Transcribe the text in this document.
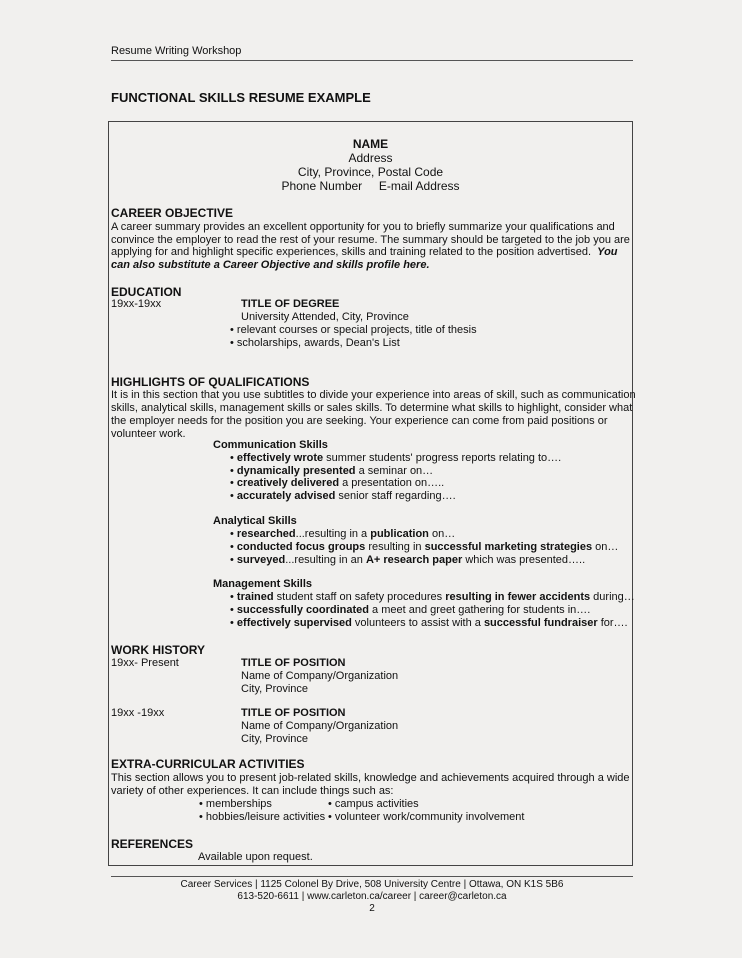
Resume Writing Workshop
FUNCTIONAL SKILLS RESUME EXAMPLE
NAME
Address
City, Province, Postal Code
Phone Number E-mail Address
CAREER OBJECTIVE
A career summary provides an excellent opportunity for you to briefly summarize your qualifications and
convince the employer to read the rest of your resume. The summary should be targeted to the job you are
applying for and highlight specific experiences, skills and training related to the position advertised. You
can also substitute a Career Objective and skills profile here.
EDUCATION
19xx-19xx	TITLE OF DEGREE
University Attended, City, Province
• relevant courses or special projects, title of thesis
• scholarships, awards, Dean's List
HIGHLIGHTS OF QUALIFICATIONS
It is in this section that you use subtitles to divide your experience into areas of skill, such as communication
skills, analytical skills, management skills or sales skills. To determine what skills to highlight, consider what
the employer needs for the position you are seeking. Your experience can come from paid positions or
volunteer work.
Communication Skills
• effectively wrote summer students' progress reports relating to….
• dynamically presented a seminar on…
• creatively delivered a presentation on…..
• accurately advised senior staff regarding….
Analytical Skills
• researched...resulting in a publication on…
• conducted focus groups resulting in successful marketing strategies on…
• surveyed...resulting in an A+ research paper which was presented…..
Management Skills
• trained student staff on safety procedures resulting in fewer accidents during…
• successfully coordinated a meet and greet gathering for students in….
• effectively supervised volunteers to assist with a successful fundraiser for….
WORK HISTORY
19xx- Present	TITLE OF POSITION
Name of Company/Organization
City, Province
19xx -19xx	TITLE OF POSITION
Name of Company/Organization
City, Province
EXTRA-CURRICULAR ACTIVITIES
This section allows you to present job-related skills, knowledge and achievements acquired through a wide
variety of other experiences. It can include things such as:
• memberships	• campus activities
• hobbies/leisure activities • volunteer work/community involvement
REFERENCES
Available upon request.
Career Services | 1125 Colonel By Drive, 508 University Centre | Ottawa, ON K1S 5B6
613-520-6611 | www.carleton.ca/career | career@carleton.ca
2
